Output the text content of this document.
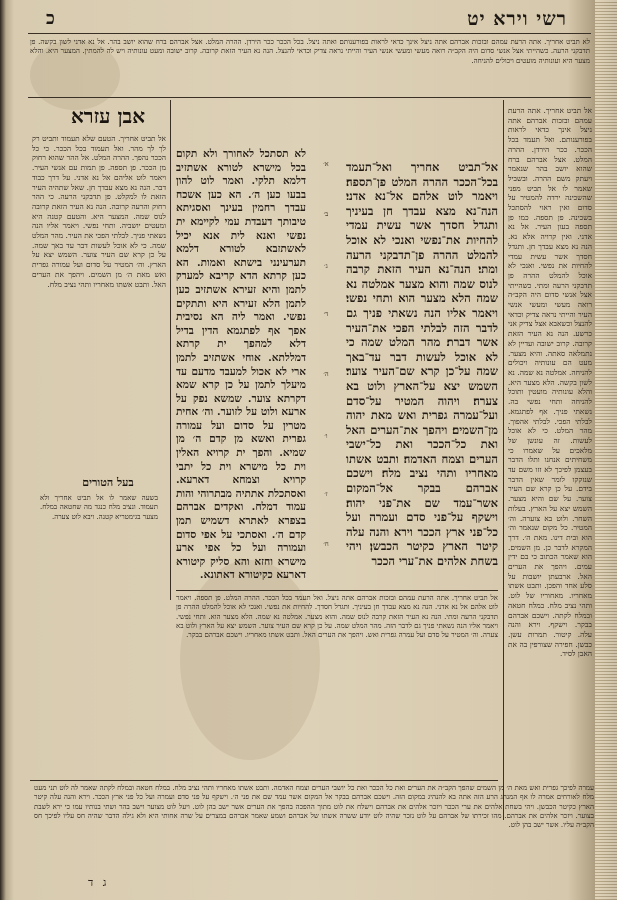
רשי וירא יט
כ
לא תביט אחריך. אתה הרעת עמהם ובזכות אברהם אתה ניצל אינך כדאי לראות בפורענותם ואתה ניצל. בכל הככר ככר הירדן. ההרה המלט. אצל אברהם ברח שהוא יושב בהר. אל נא אדני לשון בקשה. פן תדבקני הרעה. כשהייתי אצל אנשי סדום היה הקב״ה רואה מעשי ומעשי אנשי העיר והייתי נראה צדיק וכדאי להנצל. הנה נא העיר הזאת קרובה. קרוב ישובה ומעט עונותיה ויש לה להמתין. המצער היא. והלא מצער היא ועונותיה מועטים ויכולים להניחה.
אבן עזרא
אל תביט אחריך. הטעם שלא תעמוד ותביט רק לך לך מהר. ואל תעמוד בכל הככר. כי כל הככר נהפך. ההרה המלט. אל ההר שהוא רחוק מן הככר. פן תספה. פן תמות עם אנשי העיר. ויאמר לוט אליהם אל נא אדני. על דרך כבוד דבר. הנה נא מצא עבדך חן. שאל שתהיה העיר הזאת לו למקלט. פן תדבקני הרעה. כי ההר רחוק והרעה קרובה. הנה נא העיר הזאת קרובה לנוס שמה. המצער היא. והטעם קטנה היא ומעטים יושביה. ותחי נפשי. ויאמר אליו הנה נשאתי פניך. לבלתי הפכי את העיר. מהר המלט שמה. כי לא אוכל לעשות דבר עד באך שמה. על כן קרא שם העיר צוער. השמש יצא על הארץ. וה׳ המטיר על סדום ועל עמורה גפרית ואש מאת ה׳ מן השמים. ויהפך את הערים האל. ותבט אשתו מאחריו ותהי נציב מלח.
בעל הטורים
בשעה שאמר לו אל תביט אחריך ולא תעמוד. ונציב מלח כנגד מה שחטאה במלח. מצער בגימטריא קטנה. ויבא לוט צערה.
לא תסתכל לאחורך ולא תקום בכל מישרא לטורא אשתזיב דלמא תלקי. ואמר לוט להון בבעו כען ה׳. הא כען אשכח עבדך רחמין בעינך ואסגיתא טיבותך דעבדת עמי לקיימא ית נפשי ואנא לית אנא יכיל לאשתזבא לטורא דלמא תערעינני בישתא ואמות. הא כען קרתא הדא קריבא למערק לתמן והיא זעירא אשתזיב כען לתמן הלא זעירא היא ותתקים נפשי. ואמר ליה הא נסיבית אפך אף לפתגמא הדין בדיל דלא למהפך ית קרתא דמללתא. אוחי אשתזיב לתמן ארי לא אכול למעבד מדעם עד מיעלך לתמן על כן קרא שמא דקרתא צוער. שמשא נפק על ארעא ולוט על לזוער. וה׳ אחית מטרין על סדום ועל עמורה גפרית ואשא מן קדם ה׳ מן שמיא. והפך ית קרויא האלין וית כל מישרא וית כל יתבי קרויא וצמחא דארעא. ואסתכלת אתתיה מבתרוהי והות עמוד דמלח. ואקדים אברהם בצפרא לאתרא דשמיש תמן קדם ה׳. ואסתכי על אפי סדום ועמורה ועל כל אפי ארע מישרא וחזא והא סליק קיטורא דארעא כקיטורא דאתונא.
א׳
ב׳
ג׳
ד׳
ה׳
ו׳
ז׳
ח׳
אל־תביט אחריך ואל־תעמד בכל־הככר ההרה המלט פן־תספה׃ ויאמר לוט אלהם אל־נא אדני׃ הנה־נא מצא עבדך חן בעיניך ותגדל חסדך אשר עשית עמדי להחיות את־נפשי ואנכי לא אוכל להמלט ההרה פן־תדבקני הרעה ומתי׃ הנה־נא העיר הזאת קרבה לנוס שמה והוא מצער אמלטה נא שמה הלא מצער הוא ותחי נפשי׃ ויאמר אליו הנה נשאתי פניך גם לדבר הזה לבלתי הפכי את־העיר אשר דברת׃ מהר המלט שמה כי לא אוכל לעשות דבר עד־באך שמה על־כן קרא שם־העיר צוער׃ השמש יצא על־הארץ ולוט בא צערה׃ ויהוה המטיר על־סדם ועל־עמרה גפרית ואש מאת יהוה מן־השמים׃ ויהפך את־הערים האל ואת כל־הככר ואת כל־ישבי הערים וצמח האדמה׃ ותבט אשתו מאחריו ותהי נציב מלח׃ וישכם אברהם בבקר אל־המקום אשר־עמד שם את־פני יהוה׃ וישקף על־פני סדם ועמרה ועל כל־פני ארץ הככר וירא והנה עלה קיטר הארץ כקיטר הכבשן׃ ויהי בשחת אלהים את־ערי הככר
אל תביט אחריך. אתה הרעת עמהם ובזכות אברהם אתה ניצל אינך כדאי לראות בפורענותם. ואל תעמד בכל הככר. ככר הירדן. ההרה המלט. אצל אברהם ברח שהוא יושב בהר שנאמר ויעתק משם ההרה. ובשביל שאמר לו אל תביט מפני שהשכינה ירדה להמטיר על סדום ואין ראוי להסתכל בשכינה. פן תספה. כמו פן תספה בעון העיר. אל נא אדני. ואין קרויה אלא נא. הנה נא מצא עבדך חן. ותגדל חסדך אשר עשית עמדי להחיות את נפשי. ואנכי לא אוכל להמלט ההרה פן תדבקני הרעה ומתי. כשהייתי אצל אנשי סדום היה הקב״ה רואה מעשי ומעשי אנשי העיר והייתי נראה צדיק וכדאי להנצל וכשאבא אצל צדיק אני כרשע. הנה נא העיר הזאת קרובה. קרוב ישובה ועדיין לא נתמלאה סאתה. והיא מצער. מעט הם עונותיה ויכולים להניחה. אמלטה נא שמה. נא לשון בקשה. הלא מצער היא. והלא עונותיה מועטין ותוכל להניחה ותחי נפשי בה. נשאתי פניך. אף לפתגמא. לבלתי הפכי. לבלתי אהפוך. מהר המלט. כי לא אוכל לעשות. זה עונשן של מלאכים על שאמרו כי משחיתים אנחנו ותלו הדבר בעצמן לפיכך לא זזו משם עד שנזקקו לומר שאין הדבר בידם. על כן קרא שם העיר צוער. על שם והיא מצער. השמש יצא על הארץ. בעלות השחר. ולוט בא צוערה. וה׳ המטיר. כל מקום שנאמר וה׳ הוא ובית דינו. מאת ה׳. דרך המקרא לדבר כן. מן השמים. הוא שאמר הכתוב כי בם ידין עמים. ויהפך את הערים האל. ארבעתן יושבות על סלע אחד והפכן. ותבט אשתו מאחריו. מאחוריו של לוט. ותהי נציב מלח. במלח חטאה ובמלח לקתה. וישכם אברהם בבקר. וישקף. וירא והנה עלה. קיטור. תמרות עשן. כבשן. חפירה שצורפין בה את האבן לסיד.
אל תביט אחריך. אתה הרעת עמהם ובזכות אברהם אתה ניצל. ואל תעמד בכל הככר. ההרה המלט. פן תספה. ויאמר לוט אלהם אל נא אדני. הנה נא מצא עבדך חן בעיניך. ותגדל חסדך. להחיות את נפשי. ואנכי לא אוכל להמלט ההרה פן תדבקני הרעה ומתי. הנה נא העיר הזאת קרבה לנוס שמה. והוא מצער. אמלטה נא שמה. הלא מצער הוא. ותחי נפשי. ויאמר אליו הנה נשאתי פניך גם לדבר הזה. מהר המלט שמה. על כן קרא שם העיר צוער. השמש יצא על הארץ ולוט בא צערה. וה׳ המטיר על סדם ועל עמרה גפרית ואש. ויהפך את הערים האל. ותבט אשתו מאחריו. וישכם אברהם בבקר.
עמרה לפיכך גפרית ואש מאת ה׳ מן השמים שהפך הקב״ה את הערים ואת כל הככר ואת כל יושבי הערים וצמח האדמה. ותבט אשתו מאחריו ותהי נציב מלח. במלח חטאה ובמלח לקתה שאמר לה לוט תני מעט מלח לאורחים אמרה לו אף המנהג הרע הזה אתה בא להנהיג במקום הזה. וישכם אברהם בבקר אל המקום אשר עמד שם את פני ה׳. וישקף על פני סדם ועמרה ועל כל פני ארץ הככר. וירא והנה עלה קיטר הארץ כקיטר הכבשן. ויהי בשחת אלהים את ערי הככר ויזכר אלהים את אברהם וישלח את לוט מתוך ההפכה בהפך את הערים אשר ישב בהן לוט. ויעל לוט מצוער וישב בהר ושתי בנותיו עמו כי ירא לשבת בצוער. ויזכר אלהים את אברהם. מהו זכירתו של אברהם על לוט נזכר שהיה לוט יודע ששרה אשתו של אברהם ושמע שאמר אברהם במצרים על שרה אחותי היא ולא גילה הדבר שהיה חס עליו לפיכך חס הקב״ה עליו. אשר ישב בהן לוט.
ג ד
